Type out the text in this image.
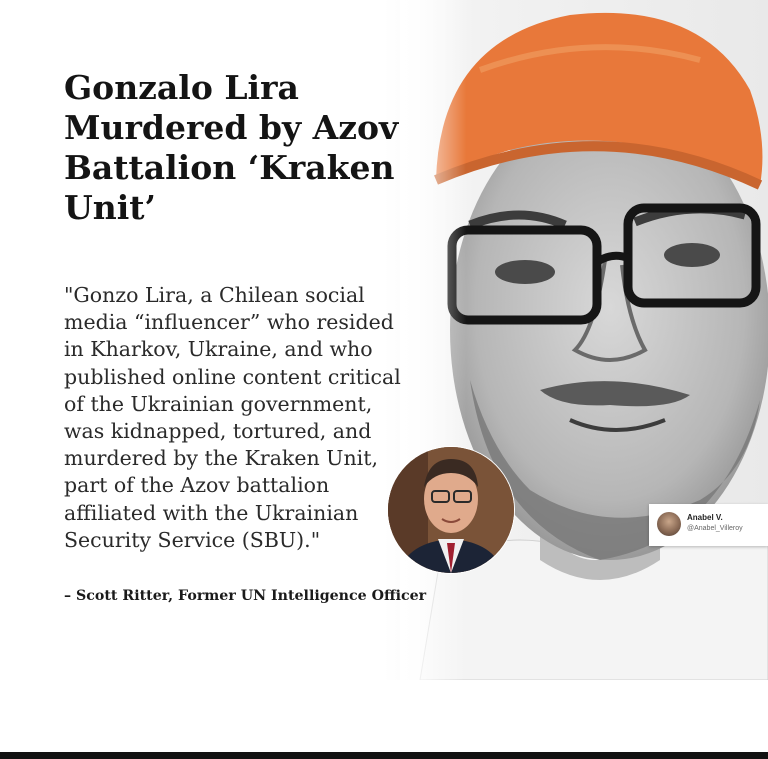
Gonzalo Lira Murdered by Azov Battalion ‘Kraken Unit’

"Gonzo Lira, a Chilean social media “influencer” who resided in Kharkov, Ukraine, and who published online content critical of the Ukrainian government, was kidnapped, tortured, and murdered by the Kraken Unit, part of the Azov battalion affiliated with the Ukrainian Security Service (SBU)."

– Scott Ritter, Former UN Intelligence Officer

Anabel V.
@Anabel_Villeroy
